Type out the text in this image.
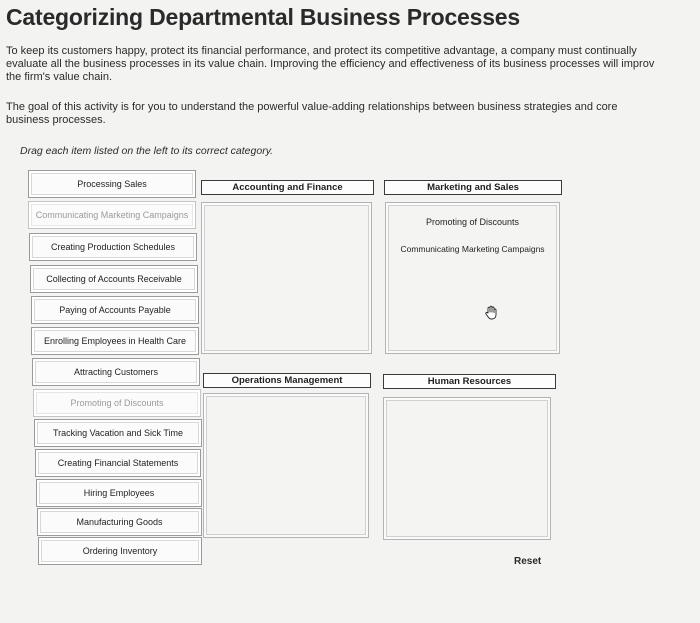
Categorizing Departmental Business Processes
To keep its customers happy, protect its financial performance, and protect its competitive advantage, a company must continually
evaluate all the business processes in its value chain. Improving the efficiency and effectiveness of its business processes will improv
the firm's value chain.
The goal of this activity is for you to understand the powerful value-adding relationships between business strategies and core
business processes.
Drag each item listed on the left to its correct category.
Processing Sales
Communicating Marketing Campaigns
Creating Production Schedules
Collecting of Accounts Receivable
Paying of Accounts Payable
Enrolling Employees in Health Care
Attracting Customers
Promoting of Discounts
Tracking Vacation and Sick Time
Creating Financial Statements
Hiring Employees
Manufacturing Goods
Ordering Inventory
Accounting and Finance	Marketing and Sales
Promoting of Discounts
Communicating Marketing Campaigns
Operations Management	Human Resources
Reset
